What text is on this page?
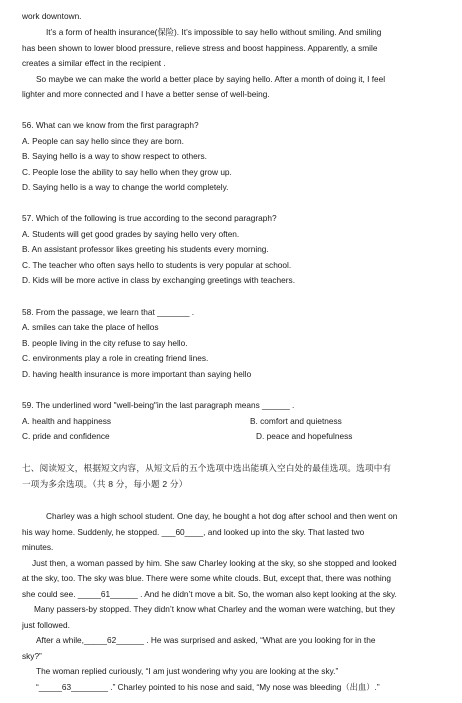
work downtown.
It’s a form of health insurance(保险). It’s impossible to say hello without smiling. And smiling
has been shown to lower blood pressure, relieve stress and boost happiness. Apparently, a smile
creates a similar effect in the recipient .
So maybe we can make the world a better place by saying hello. After a month of doing it, I feel
lighter and more connected and I have a better sense of well-being.
56. What can we know from the first paragraph?
A. People can say hello since they are born.
B. Saying hello is a way to show respect to others.
C. People lose the ability to say hello when they grow up.
D. Saying hello is a way to change the world completely.
57. Which of the following is true according to the second paragraph?
A. Students will get good grades by saying hello very often.
B. An assistant professor likes greeting his students every morning.
C. The teacher who often says hello to students is very popular at school.
D. Kids will be more active in class by exchanging greetings with teachers.
58. From the passage, we learn that _______ .
A. smiles can take the place of hellos
B. people living in the city refuse to say hello.
C. environments play a role in creating friend lines.
D. having health insurance is more important than saying hello
59. The underlined word "well-being"in the last paragraph means ______ .
A. health and happiness	B. comfort and quietness
C. pride and confidence	D. peace and hopefulness
七、阅读短文，根据短文内容，从短文后的五个选项中选出能填入空白处的最佳选项。选项中有
一项为多余选项。（共 8 分，每小题 2 分）
Charley was a high school student. One day, he bought a hot dog after school and then went on
his way home. Suddenly, he stopped. ___60____, and looked up into the sky. That lasted two
minutes.
Just then, a woman passed by him. She saw Charley looking at the sky, so she stopped and looked
at the sky, too. The sky was blue. There were some white clouds. But, except that, there was nothing
she could see. _____61______ . And he didn’t move a bit. So, the woman also kept looking at the sky.
Many passers-by stopped. They didn’t know what Charley and the woman were watching, but they
just followed.
After a while,_____62______ . He was surprised and asked, “What are you looking for in the
sky?”
The woman replied curiously, “I am just wondering why you are looking at the sky.”
“_____63________ .” Charley pointed to his nose and said, “My nose was bleeding（出血）.”
